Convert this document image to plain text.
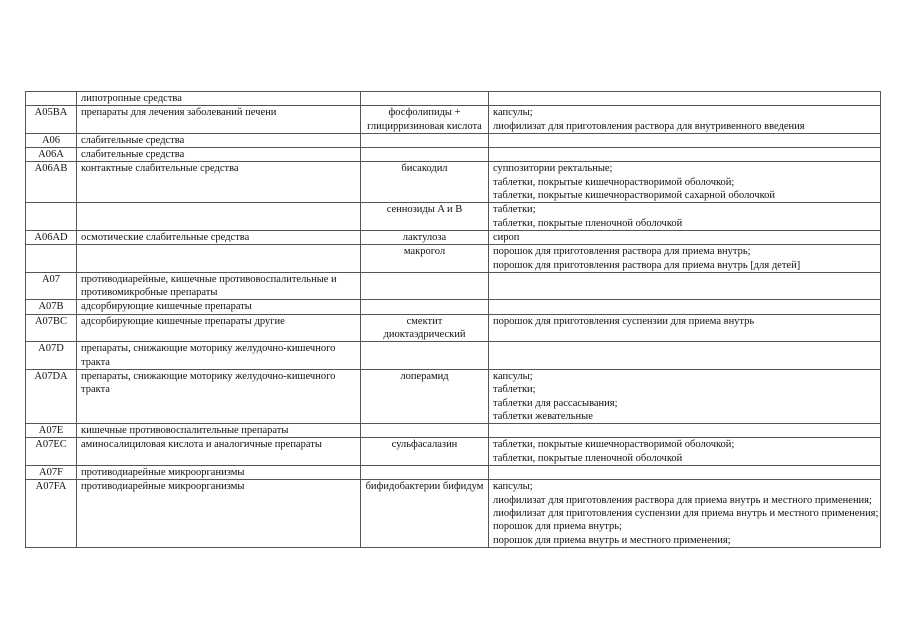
	липотропные средства		
A05BA	препараты для лечения заболеваний печени	фосфолипиды + глицирризиновая кислота	капсулы;
лиофилизат для приготовления раствора для внутривенного введения

A06	слабительные средства		
A06A	слабительные средства		
A06AB	контактные слабительные средства	бисакодил	суппозитории ректальные;
таблетки, покрытые кишечнорастворимой оболочкой;
таблетки, покрытые кишечнорастворимой сахарной оболочкой

		сеннозиды A и B	таблетки;
таблетки, покрытые пленочной оболочкой

A06AD	осмотические слабительные средства	лактулоза	сироп

		макрогол	порошок для приготовления раствора для приема внутрь;
порошок для приготовления раствора для приема внутрь [для детей]

A07	противодиарейные, кишечные противовоспалительные и противомикробные препараты		
A07B	адсорбирующие кишечные препараты		
A07BC	адсорбирующие кишечные препараты другие	смектит диоктаэдрический	порошок для приготовления суспензии для приема внутрь

A07D	препараты, снижающие моторику желудочно-кишечного тракта		
A07DA	препараты, снижающие моторику желудочно-кишечного тракта	лоперамид	капсулы;
таблетки;
таблетки для рассасывания;
таблетки жевательные

A07E	кишечные противовоспалительные препараты		
A07EC	аминосалициловая кислота и аналогичные препараты	сульфасалазин	таблетки, покрытые кишечнорастворимой оболочкой;
таблетки, покрытые пленочной оболочкой

A07F	противодиарейные микроорганизмы		
A07FA	противодиарейные микроорганизмы	бифидобактерии бифидум	капсулы;
лиофилизат для приготовления раствора для приема внутрь и местного применения;
лиофилизат для приготовления суспензии для приема внутрь и местного применения;
порошок для приема внутрь;
порошок для приема внутрь и местного применения;
